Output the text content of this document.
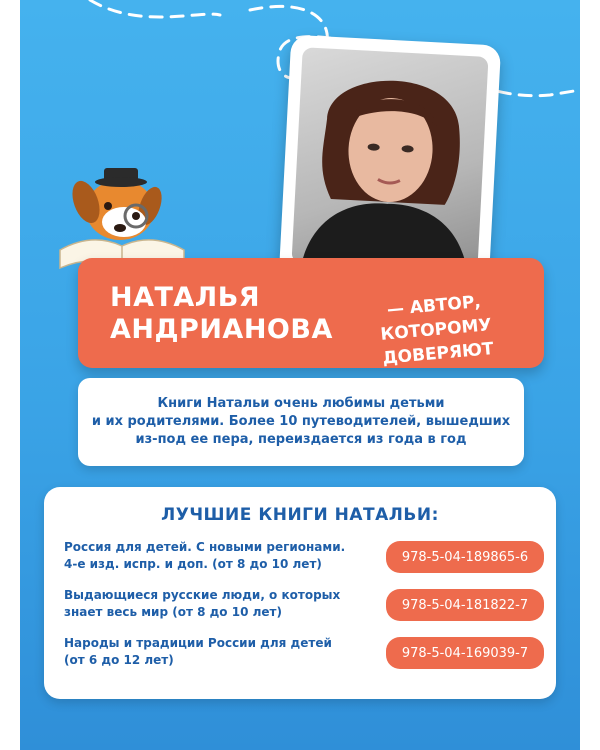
НАТАЛЬЯ АНДРИАНОВА
— АВТОР, КОТОРОМУ ДОВЕРЯЮТ
Книги Натальи очень любимы детьми
и их родителями. Более 10 путеводителей, вышедших
из-под ее пера, переиздается из года в год
ЛУЧШИЕ КНИГИ НАТАЛЬИ:
Россия для детей. С новыми регионами.
4-е изд. испр. и доп. (от 8 до 10 лет)	978-5-04-189865-6
Выдающиеся русские люди, о которых
знает весь мир (от 8 до 10 лет)	978-5-04-181822-7
Народы и традиции России для детей
(от 6 до 12 лет)	978-5-04-169039-7
